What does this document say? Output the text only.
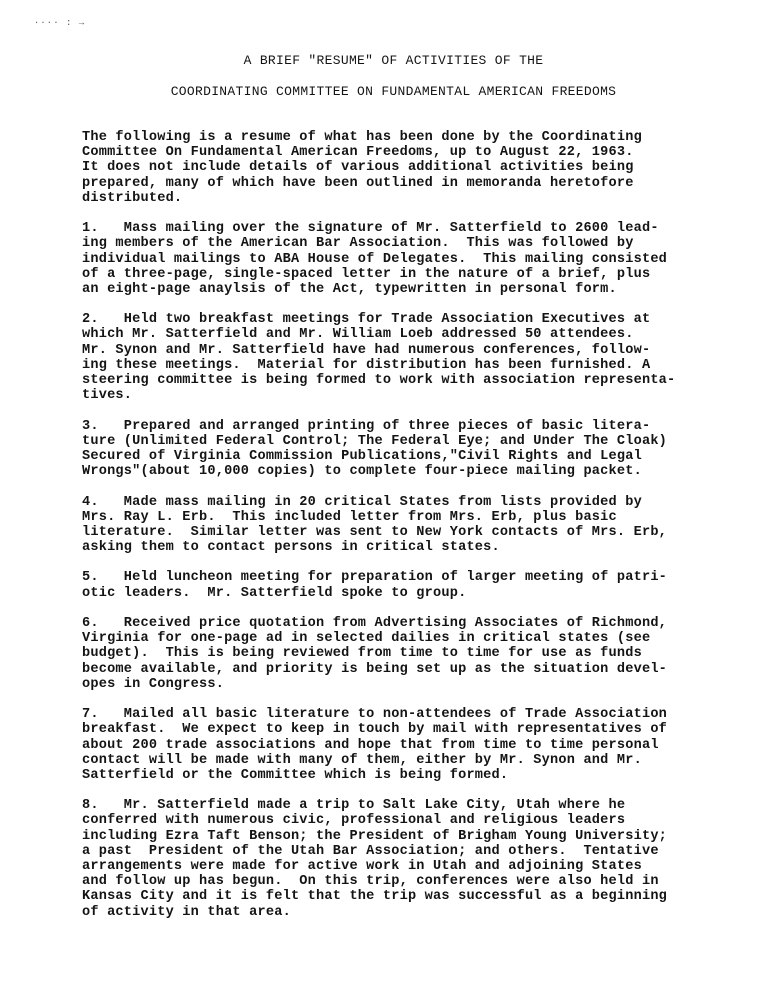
∙∙∙· : →
A BRIEF "RESUME" OF ACTIVITIES OF THE
COORDINATING COMMITTEE ON FUNDAMENTAL AMERICAN FREEDOMS
The following is a resume of what has been done by the Coordinating
Committee On Fundamental American Freedoms, up to August 22, 1963.
It does not include details of various additional activities being
prepared, many of which have been outlined in memoranda heretofore
distributed.
1.   Mass mailing over the signature of Mr. Satterfield to 2600 lead-
ing members of the American Bar Association.  This was followed by
individual mailings to ABA House of Delegates.  This mailing consisted
of a three-page, single-spaced letter in the nature of a brief, plus
an eight-page anaylsis of the Act, typewritten in personal form.
2.   Held two breakfast meetings for Trade Association Executives at
which Mr. Satterfield and Mr. William Loeb addressed 50 attendees.
Mr. Synon and Mr. Satterfield have had numerous conferences, follow-
ing these meetings.  Material for distribution has been furnished. A
steering committee is being formed to work with association representa-
tives.
3.   Prepared and arranged printing of three pieces of basic litera-
ture (Unlimited Federal Control; The Federal Eye; and Under The Cloak)
Secured of Virginia Commission Publications,"Civil Rights and Legal
Wrongs"(about 10,000 copies) to complete four-piece mailing packet.
4.   Made mass mailing in 20 critical States from lists provided by
Mrs. Ray L. Erb.  This included letter from Mrs. Erb, plus basic
literature.  Similar letter was sent to New York contacts of Mrs. Erb,
asking them to contact persons in critical states.
5.   Held luncheon meeting for preparation of larger meeting of patri-
otic leaders.  Mr. Satterfield spoke to group.
6.   Received price quotation from Advertising Associates of Richmond,
Virginia for one-page ad in selected dailies in critical states (see
budget).  This is being reviewed from time to time for use as funds
become available, and priority is being set up as the situation devel-
opes in Congress.
7.   Mailed all basic literature to non-attendees of Trade Association
breakfast.  We expect to keep in touch by mail with representatives of
about 200 trade associations and hope that from time to time personal
contact will be made with many of them, either by Mr. Synon and Mr.
Satterfield or the Committee which is being formed.
8.   Mr. Satterfield made a trip to Salt Lake City, Utah where he
conferred with numerous civic, professional and religious leaders
including Ezra Taft Benson; the President of Brigham Young University;
a past  President of the Utah Bar Association; and others.  Tentative
arrangements were made for active work in Utah and adjoining States
and follow up has begun.  On this trip, conferences were also held in
Kansas City and it is felt that the trip was successful as a beginning
of activity in that area.
